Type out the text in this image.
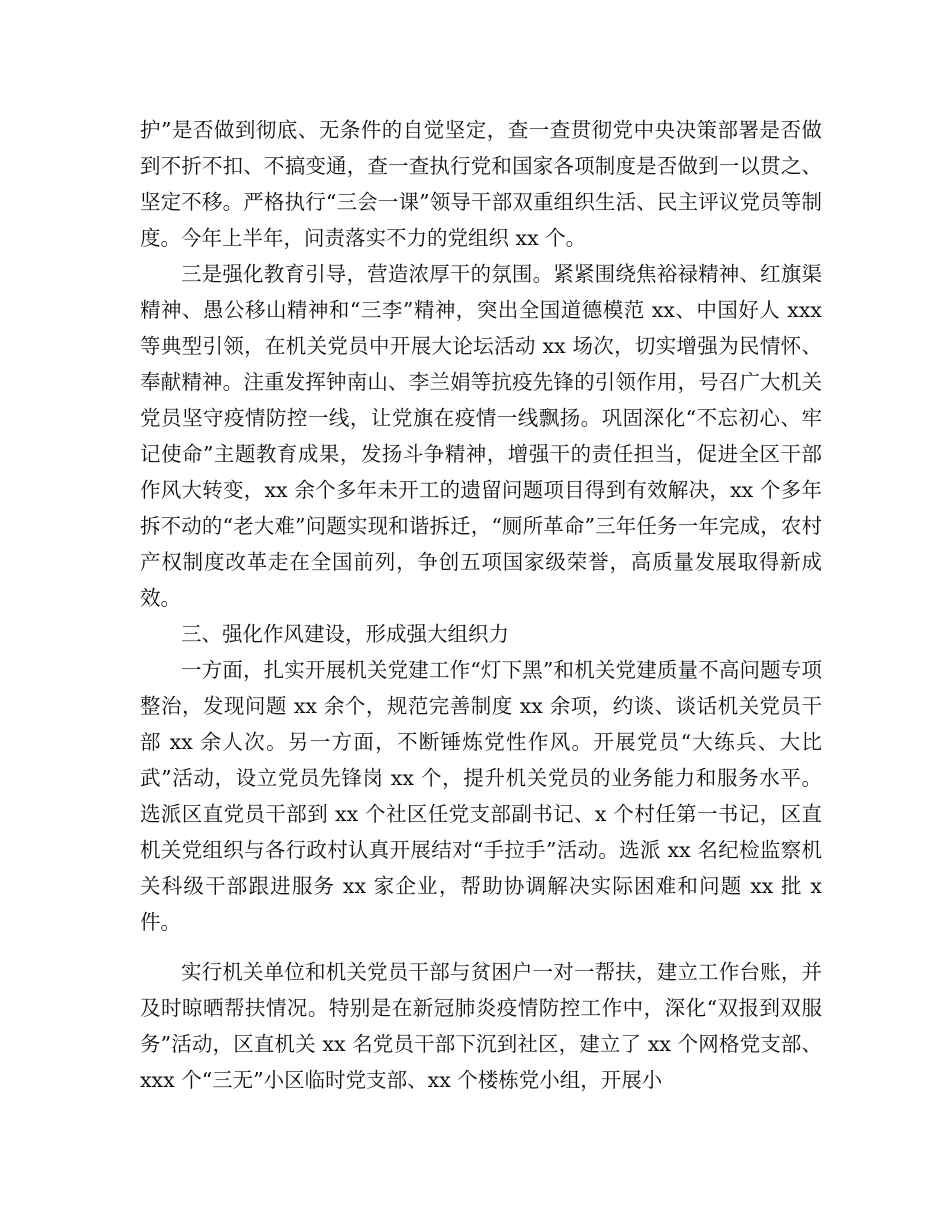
护”是否做到彻底、无条件的自觉坚定，查一查贯彻党中央决策部署是否做到不折不扣、不搞变通，查一查执行党和国家各项制度是否做到一以贯之、坚定不移。严格执行“三会一课”领导干部双重组织生活、民主评议党员等制度。今年上半年，问责落实不力的党组织 xx 个。

三是强化教育引导，营造浓厚干的氛围。紧紧围绕焦裕禄精神、红旗渠精神、愚公移山精神和“三李”精神，突出全国道德模范 xx、中国好人 xxx 等典型引领，在机关党员中开展大论坛活动 xx 场次，切实增强为民情怀、奉献精神。注重发挥钟南山、李兰娟等抗疫先锋的引领作用，号召广大机关党员坚守疫情防控一线，让党旗在疫情一线飘扬。巩固深化“不忘初心、牢记使命”主题教育成果，发扬斗争精神，增强干的责任担当，促进全区干部作风大转变，xx 余个多年未开工的遗留问题项目得到有效解决，xx 个多年拆不动的“老大难”问题实现和谐拆迁，“厕所革命”三年任务一年完成，农村产权制度改革走在全国前列，争创五项国家级荣誉，高质量发展取得新成效。

三、强化作风建设，形成强大组织力

一方面，扎实开展机关党建工作“灯下黑”和机关党建质量不高问题专项整治，发现问题 xx 余个，规范完善制度 xx 余项，约谈、谈话机关党员干部 xx 余人次。另一方面，不断锤炼党性作风。开展党员“大练兵、大比武”活动，设立党员先锋岗 xx 个，提升机关党员的业务能力和服务水平。选派区直党员干部到 xx 个社区任党支部副书记、x 个村任第一书记，区直机关党组织与各行政村认真开展结对“手拉手”活动。选派 xx 名纪检监察机关科级干部跟进服务 xx 家企业，帮助协调解决实际困难和问题 xx 批 x 件。

实行机关单位和机关党员干部与贫困户一对一帮扶，建立工作台账，并及时晾晒帮扶情况。特别是在新冠肺炎疫情防控工作中，深化“双报到双服务”活动，区直机关 xx 名党员干部下沉到社区，建立了 xx 个网格党支部、xxx 个“三无”小区临时党支部、xx 个楼栋党小组，开展小
